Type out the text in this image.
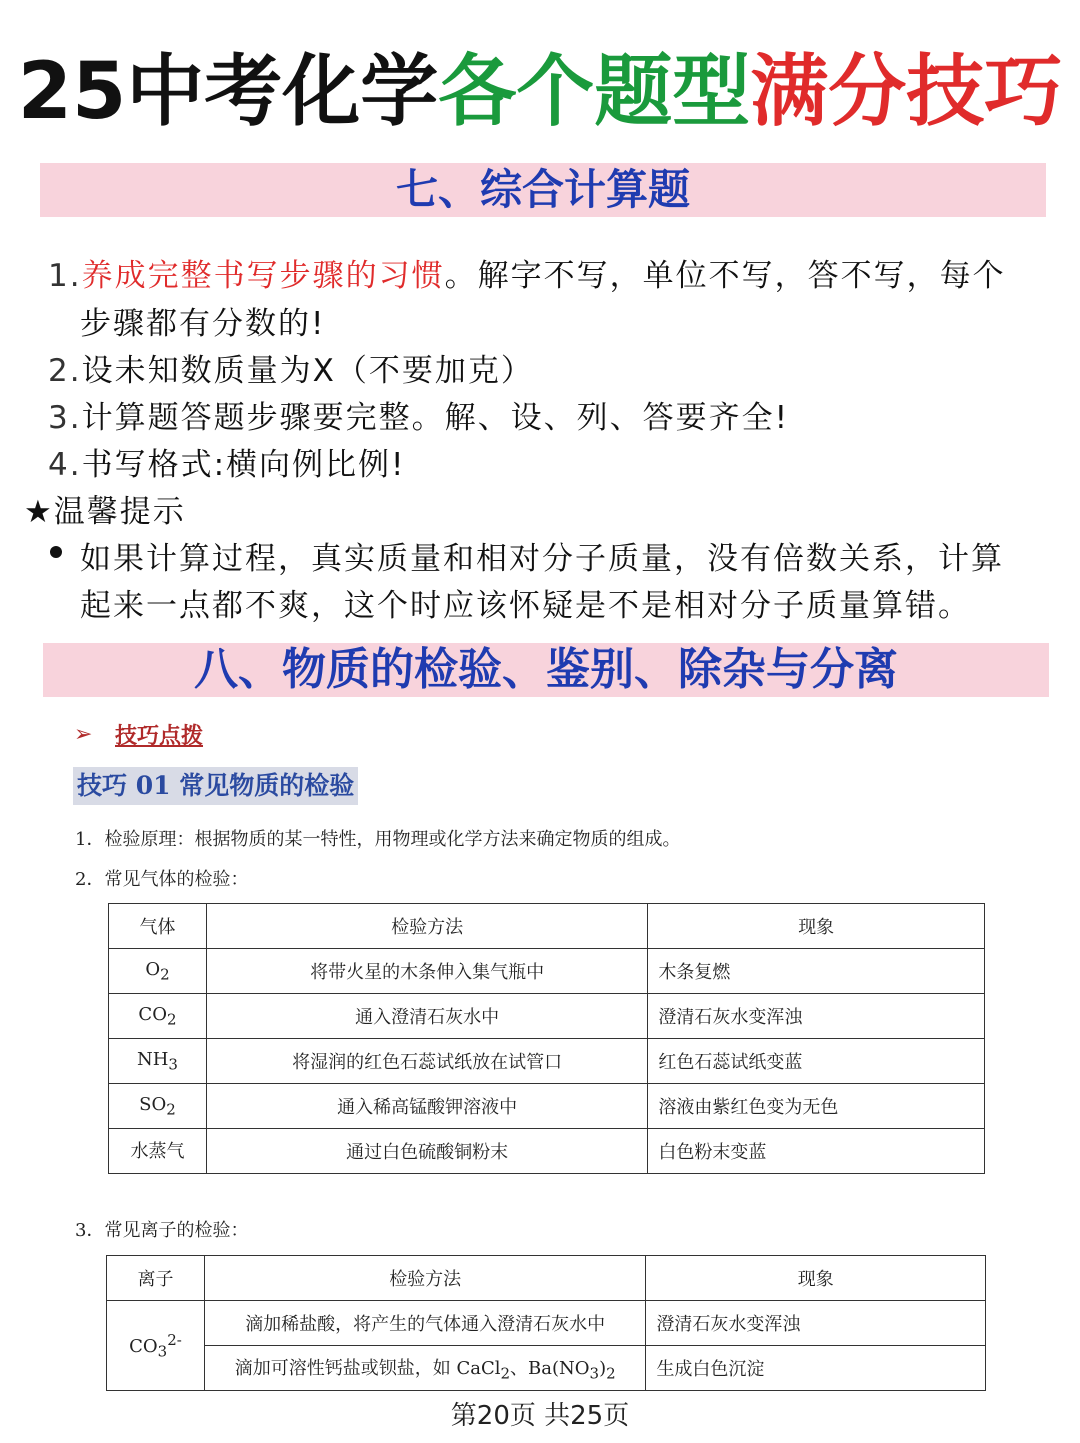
25中考化学各个题型满分技巧
七、综合计算题
1.养成完整书写步骤的习惯。解字不写，单位不写，答不写，每个
步骤都有分数的!
2.设未知数质量为X（不要加克）
3.计算题答题步骤要完整。解、设、列、答要齐全!
4.书写格式:横向例比例!
★温馨提示
如果计算过程，真实质量和相对分子质量，没有倍数关系，计算
起来一点都不爽，这个时应该怀疑是不是相对分子质量算错。
八、物质的检验、鉴别、除杂与分离
➢ 技巧点拨
技巧 01 常见物质的检验
1．检验原理：根据物质的某一特性，用物理或化学方法来确定物质的组成。
2．常见气体的检验：
气体	检验方法	现象
$O_2$	将带火星的木条伸入集气瓶中	木条复燃
$CO_2$	通入澄清石灰水中	澄清石灰水变浑浊
$NH_3$	将湿润的红色石蕊试纸放在试管口	红色石蕊试纸变蓝
$SO_2$	通入稀高锰酸钾溶液中	溶液由紫红色变为无色
水蒸气	通过白色硫酸铜粉末	白色粉末变蓝
3．常见离子的检验：
离子	检验方法	现象
$CO_3^{2-}$	滴加稀盐酸，将产生的气体通入澄清石灰水中	澄清石灰水变浑浊
	滴加可溶性钙盐或钡盐，如 CaCl$_2$、$Ba(NO_3)_2$	生成白色沉淀
第20页 共25页
